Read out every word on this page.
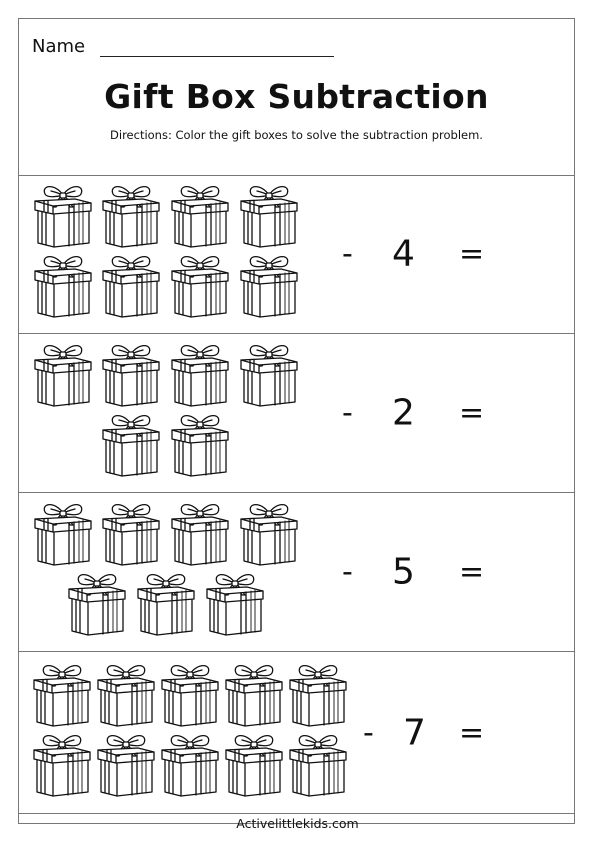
Name
Gift Box Subtraction
Directions: Color the gift boxes to solve the subtraction problem.
- 4 =
- 2 =
- 5 =
- 7 =
Activelittlekids.com
